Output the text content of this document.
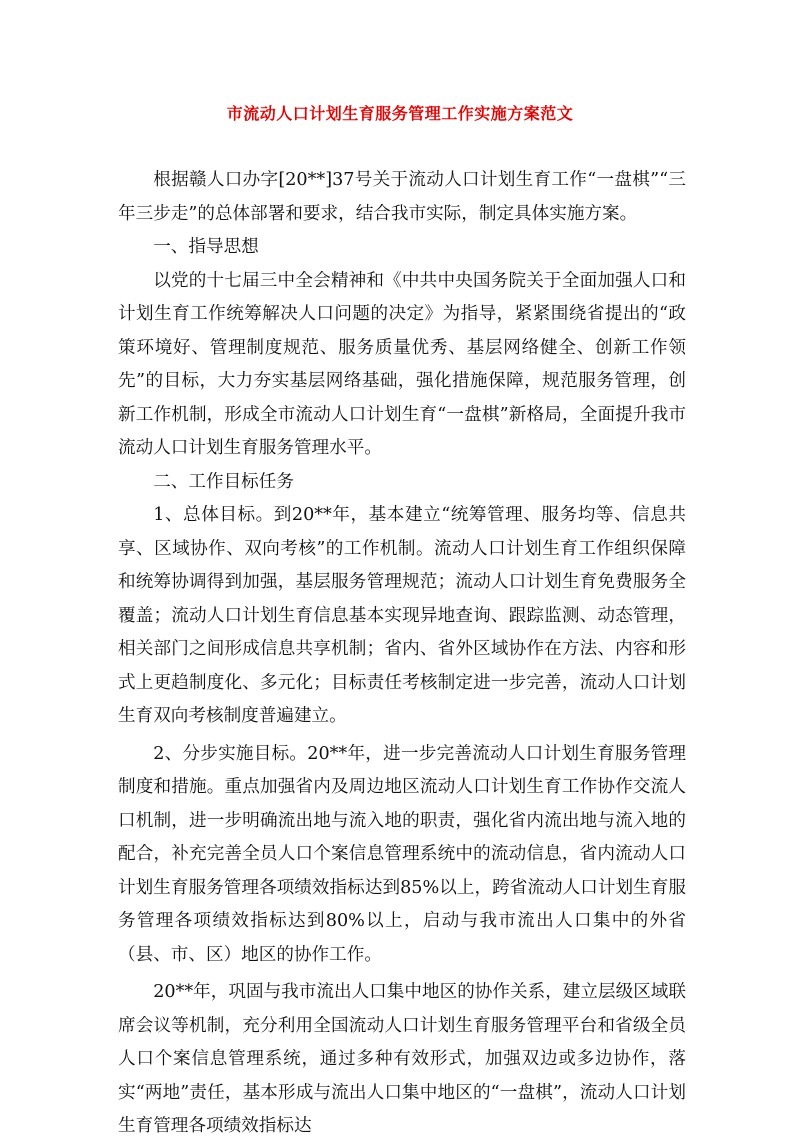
市流动人口计划生育服务管理工作实施方案范文

根据赣人口办字[20**]37号关于流动人口计划生育工作“一盘棋”“三年三步走”的总体部署和要求，结合我市实际，制定具体实施方案。

一、指导思想

以党的十七届三中全会精神和《中共中央国务院关于全面加强人口和计划生育工作统筹解决人口问题的决定》为指导，紧紧围绕省提出的“政策环境好、管理制度规范、服务质量优秀、基层网络健全、创新工作领先”的目标，大力夯实基层网络基础，强化措施保障，规范服务管理，创新工作机制，形成全市流动人口计划生育“一盘棋”新格局，全面提升我市流动人口计划生育服务管理水平。

二、工作目标任务

1、总体目标。到20**年，基本建立“统筹管理、服务均等、信息共享、区域协作、双向考核”的工作机制。流动人口计划生育工作组织保障和统筹协调得到加强，基层服务管理规范；流动人口计划生育免费服务全覆盖；流动人口计划生育信息基本实现异地查询、跟踪监测、动态管理，相关部门之间形成信息共享机制；省内、省外区域协作在方法、内容和形式上更趋制度化、多元化；目标责任考核制定进一步完善，流动人口计划生育双向考核制度普遍建立。

2、分步实施目标。20**年，进一步完善流动人口计划生育服务管理制度和措施。重点加强省内及周边地区流动人口计划生育工作协作交流人口机制，进一步明确流出地与流入地的职责，强化省内流出地与流入地的配合，补充完善全员人口个案信息管理系统中的流动信息，省内流动人口计划生育服务管理各项绩效指标达到85%以上，跨省流动人口计划生育服务管理各项绩效指标达到80%以上，启动与我市流出人口集中的外省（县、市、区）地区的协作工作。

20**年，巩固与我市流出人口集中地区的协作关系，建立层级区域联席会议等机制，充分利用全国流动人口计划生育服务管理平台和省级全员人口个案信息管理系统，通过多种有效形式，加强双边或多边协作，落实“两地”责任，基本形成与流出人口集中地区的“一盘棋”，流动人口计划生育管理各项绩效指标达
